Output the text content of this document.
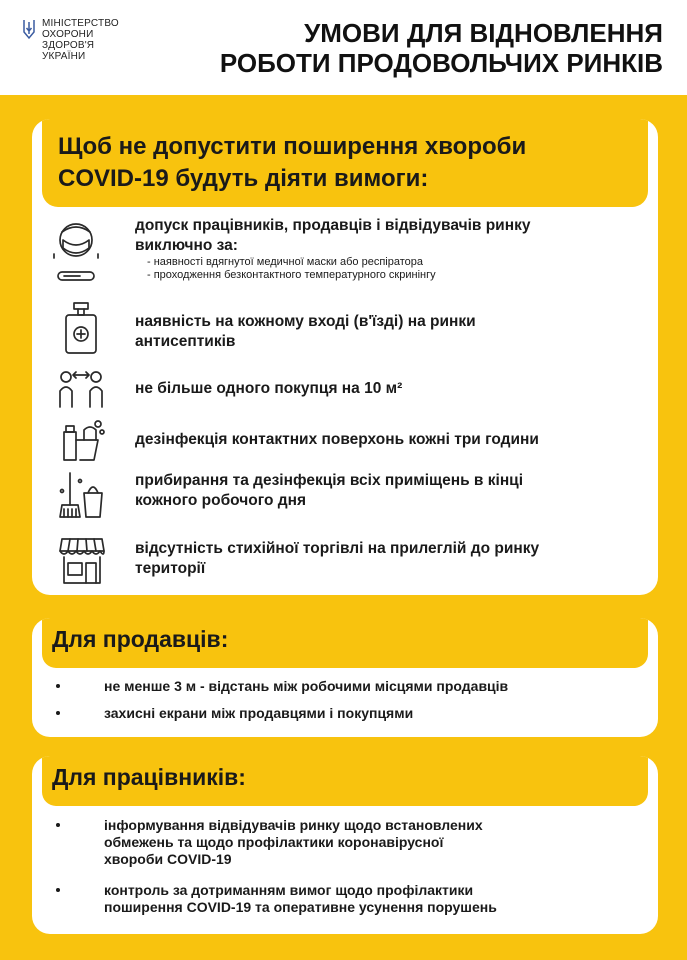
МІНІСТЕРСТВО
ОХОРОНИ
ЗДОРОВ'Я
УКРАЇНИ
УМОВИ ДЛЯ ВІДНОВЛЕННЯ
РОБОТИ ПРОДОВОЛЬЧИХ РИНКІВ
Щоб не допустити поширення хвороби
COVID-19 будуть діяти вимоги:
допуск працівників, продавців і відвідувачів ринку
виключно за:
- наявності вдягнутої медичної маски або респіратора
- проходження безконтактного температурного скринінгу
наявність на кожному вході (в'їзді) на ринки
антисептиків
не більше одного покупця на 10 м²
дезінфекція контактних поверхонь кожні три години
прибирання та дезінфекція всіх приміщень в кінці
кожного робочого дня
відсутність стихійної торгівлі на прилеглій до ринку
території
Для продавців:
не менше 3 м - відстань між робочими місцями продавців
захисні екрани між продавцями і покупцями
Для працівників:
інформування відвідувачів ринку щодо встановлених
обмежень та щодо профілактики коронавірусної
хвороби COVID-19
контроль за дотриманням вимог щодо профілактики
поширення COVID-19 та оперативне усунення порушень
